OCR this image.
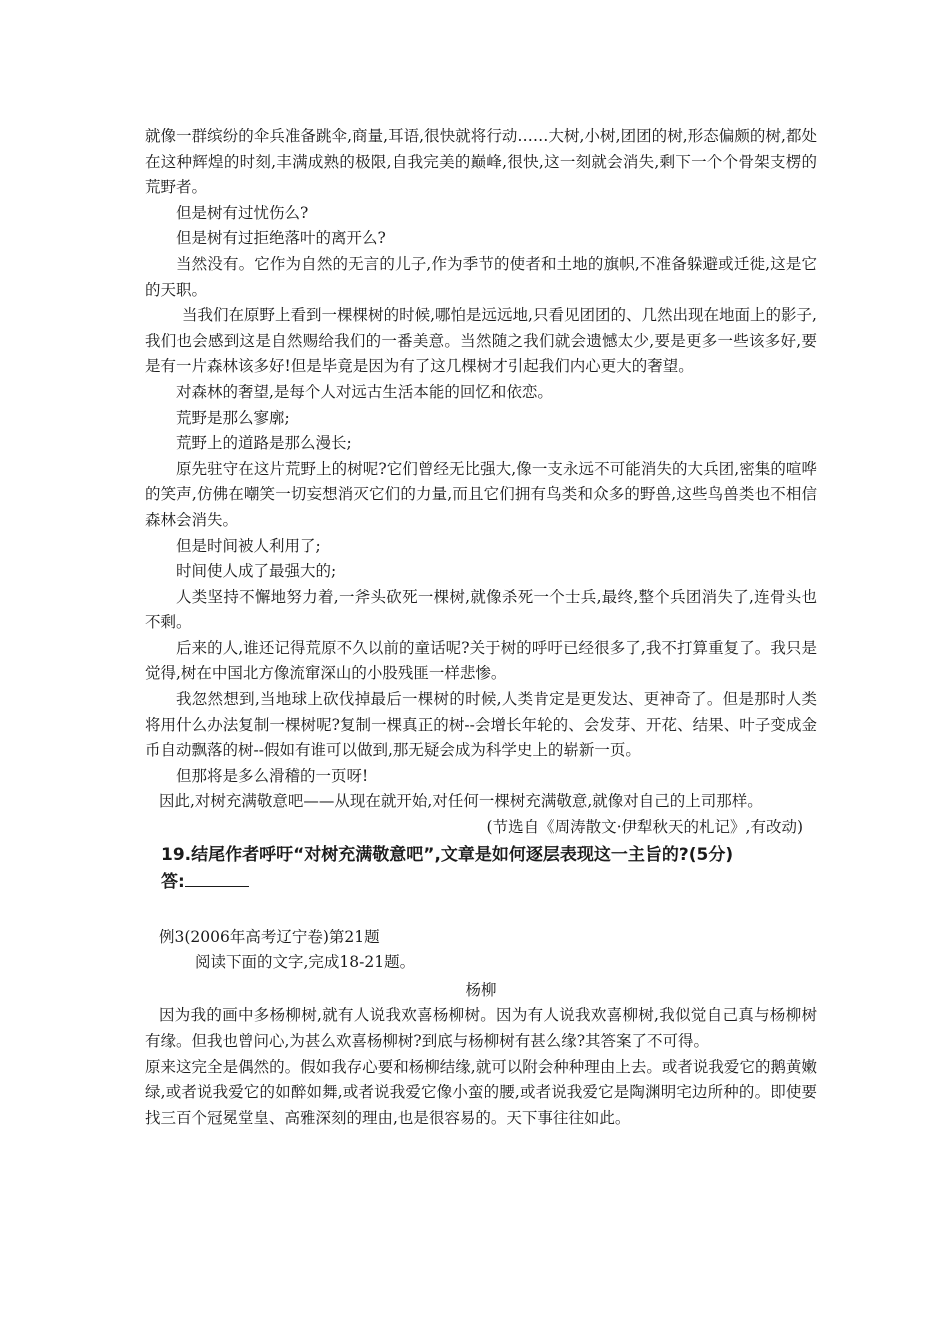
就像一群缤纷的伞兵准备跳伞,商量,耳语,很快就将行动……大树,小树,团团的树,形态偏颇的树,都处在这种辉煌的时刻,丰满成熟的极限,自我完美的巅峰,很快,这一刻就会消失,剩下一个个骨架支楞的荒野者。

但是树有过忧伤么?

但是树有过拒绝落叶的离开么?

当然没有。它作为自然的无言的儿子,作为季节的使者和土地的旗帜,不准备躲避或迁徙,这是它的天职。

当我们在原野上看到一棵棵树的时候,哪怕是远远地,只看见团团的、几然出现在地面上的影子,我们也会感到这是自然赐给我们的一番美意。当然随之我们就会遗憾太少,要是更多一些该多好,要是有一片森林该多好!但是毕竟是因为有了这几棵树才引起我们内心更大的奢望。

对森林的奢望,是每个人对远古生活本能的回忆和依恋。

荒野是那么寥廓;

荒野上的道路是那么漫长;

原先驻守在这片荒野上的树呢?它们曾经无比强大,像一支永远不可能消失的大兵团,密集的喧哗的笑声,仿佛在嘲笑一切妄想消灭它们的力量,而且它们拥有鸟类和众多的野兽,这些鸟兽类也不相信森林会消失。

但是时间被人利用了;

时间使人成了最强大的;

人类坚持不懈地努力着,一斧头砍死一棵树,就像杀死一个士兵,最终,整个兵团消失了,连骨头也不剩。

后来的人,谁还记得荒原不久以前的童话呢?关于树的呼吁已经很多了,我不打算重复了。我只是觉得,树在中国北方像流窜深山的小股残匪一样悲惨。

我忽然想到,当地球上砍伐掉最后一棵树的时候,人类肯定是更发达、更神奇了。但是那时人类将用什么办法复制一棵树呢?复制一棵真正的树--会增长年轮的、会发芽、开花、结果、叶子变成金币自动飘落的树--假如有谁可以做到,那无疑会成为科学史上的崭新一页。

但那将是多么滑稽的一页呀!

因此,对树充满敬意吧——从现在就开始,对任何一棵树充满敬意,就像对自己的上司那样。

(节选自《周涛散文·伊犁秋天的札记》,有改动)

19.结尾作者呼吁“对树充满敬意吧”,文章是如何逐层表现这一主旨的?(5分)
答:

例3(2006年高考辽宁卷)第21题

阅读下面的文字,完成18-21题。

杨柳

因为我的画中多杨柳树,就有人说我欢喜杨柳树。因为有人说我欢喜柳树,我似觉自己真与杨柳树有缘。但我也曾问心,为甚么欢喜杨柳树?到底与杨柳树有甚么缘?其答案了不可得。

原来这完全是偶然的。假如我存心要和杨柳结缘,就可以附会种种理由上去。或者说我爱它的鹅黄嫩绿,或者说我爱它的如醉如舞,或者说我爱它像小蛮的腰,或者说我爱它是陶渊明宅边所种的。即使要找三百个冠冕堂皇、高雅深刻的理由,也是很容易的。天下事往往如此。
